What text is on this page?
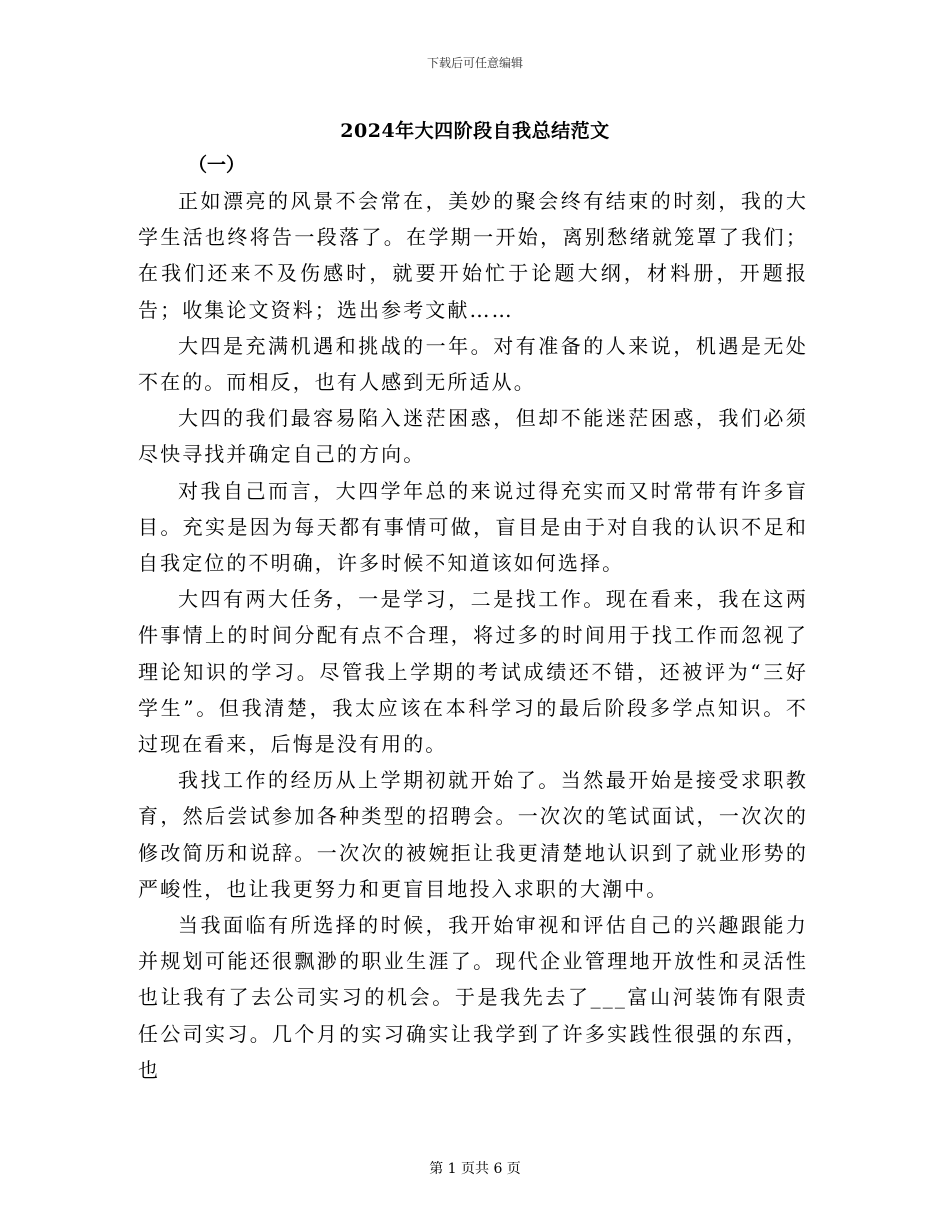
下载后可任意编辑
2024年大四阶段自我总结范文
（一）

正如漂亮的风景不会常在，美妙的聚会终有结束的时刻，我的大学生活也终将告一段落了。在学期一开始，离别愁绪就笼罩了我们；在我们还来不及伤感时，就要开始忙于论题大纲，材料册，开题报告；收集论文资料；选出参考文献……

大四是充满机遇和挑战的一年。对有准备的人来说，机遇是无处不在的。而相反，也有人感到无所适从。

大四的我们最容易陷入迷茫困惑，但却不能迷茫困惑，我们必须尽快寻找并确定自己的方向。

对我自己而言，大四学年总的来说过得充实而又时常带有许多盲目。充实是因为每天都有事情可做，盲目是由于对自我的认识不足和自我定位的不明确，许多时候不知道该如何选择。

大四有两大任务，一是学习，二是找工作。现在看来，我在这两件事情上的时间分配有点不合理，将过多的时间用于找工作而忽视了理论知识的学习。尽管我上学期的考试成绩还不错，还被评为“三好学生”。但我清楚，我太应该在本科学习的最后阶段多学点知识。不过现在看来，后悔是没有用的。

我找工作的经历从上学期初就开始了。当然最开始是接受求职教育，然后尝试参加各种类型的招聘会。一次次的笔试面试，一次次的修改简历和说辞。一次次的被婉拒让我更清楚地认识到了就业形势的严峻性，也让我更努力和更盲目地投入求职的大潮中。

当我面临有所选择的时候，我开始审视和评估自己的兴趣跟能力并规划可能还很飘渺的职业生涯了。现代企业管理地开放性和灵活性也让我有了去公司实习的机会。于是我先去了___富山河装饰有限责任公司实习。几个月的实习确实让我学到了许多实践性很强的东西，也

第 1 页共 6 页
